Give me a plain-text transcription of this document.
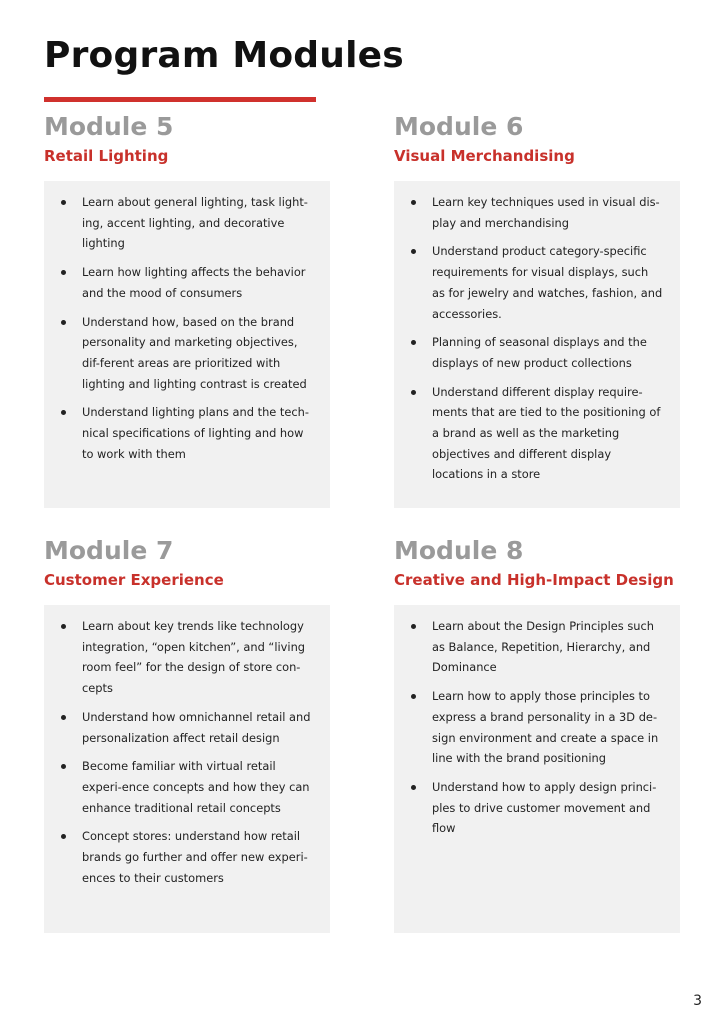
Program Modules
Module 5
Retail Lighting
Learn about general lighting, task light-ing, accent lighting, and decorative lighting
Learn how lighting affects the behavior and the mood of consumers
Understand how, based on the brand personality and marketing objectives, dif-ferent areas are prioritized with lighting and lighting contrast is created
Understand lighting plans and the tech-nical specifications of lighting and how to work with them
Module 6
Visual Merchandising
Learn key techniques used in visual dis-play and merchandising
Understand product category-specific requirements for visual displays, such as for jewelry and watches, fashion, and accessories.
Planning of seasonal displays and the displays of new product collections
Understand different display require-ments that are tied to the positioning of a brand as well as the marketing objectives and different display locations in a store
Module 7
Customer Experience
Learn about key trends like technology integration, “open kitchen”, and “living room feel” for the design of store con-cepts
Understand how omnichannel retail and personalization affect retail design
Become familiar with virtual retail experi-ence concepts and how they can enhance traditional retail concepts
Concept stores: understand how retail brands go further and offer new experi-ences to their customers
Module 8
Creative and High-Impact Design
Learn about the Design Principles such as Balance, Repetition, Hierarchy, and Dominance
Learn how to apply those principles to express a brand personality in a 3D de-sign environment and create a space in line with the brand positioning
Understand how to apply design princi-ples to drive customer movement and flow
3
